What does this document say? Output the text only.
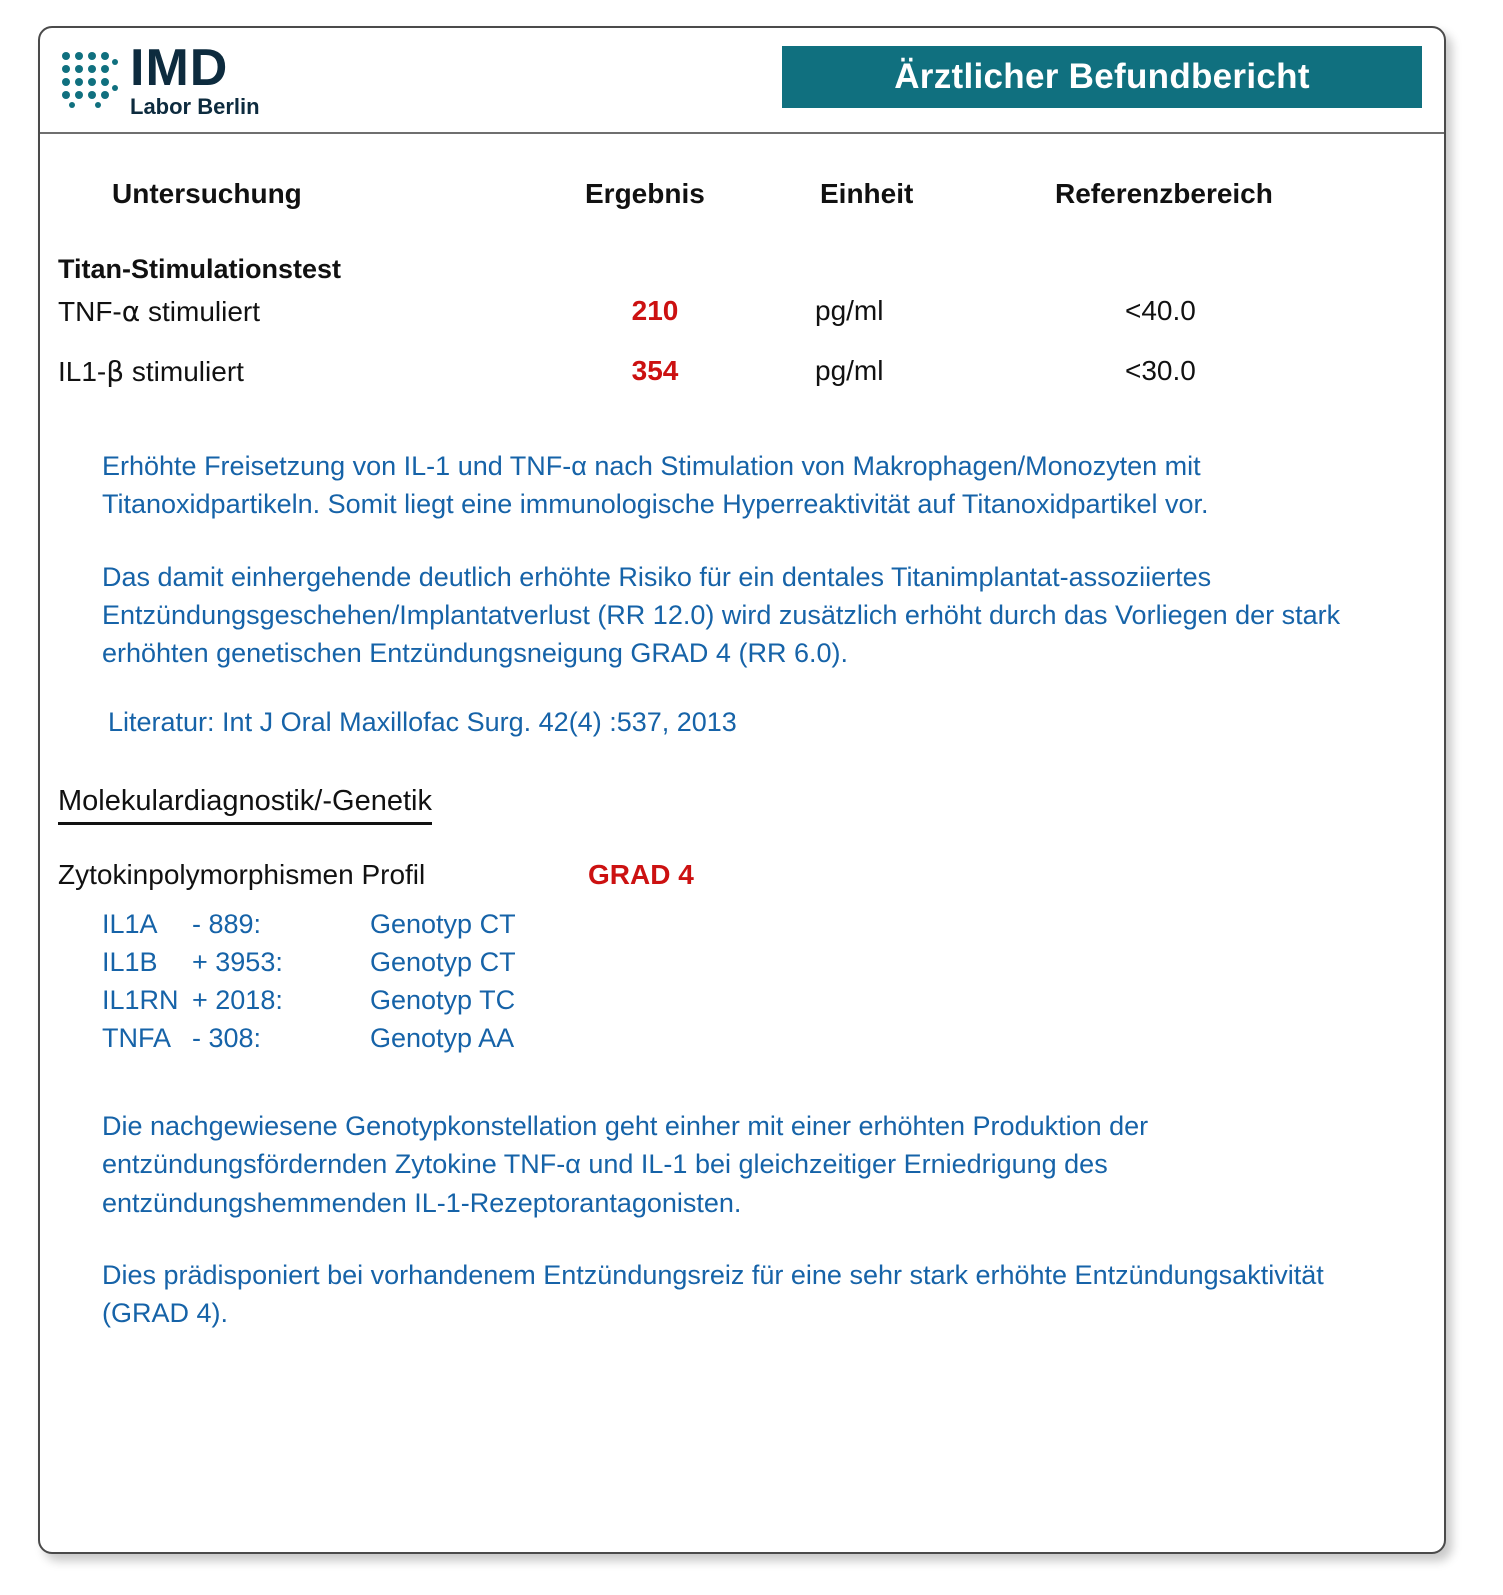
IMD
Labor Berlin
Ärztlicher Befundbericht
Untersuchung	Ergebnis	Einheit	Referenzbereich
Titan-Stimulationstest
TNF-α stimuliert	210	pg/ml	<40.0
IL1-β stimuliert	354	pg/ml	<30.0

Erhöhte Freisetzung von IL-1 und TNF-α nach Stimulation von Makrophagen/Monozyten mit Titanoxidpartikeln. Somit liegt eine immunologische Hyperreaktivität auf Titanoxidpartikel vor.

Das damit einhergehende deutlich erhöhte Risiko für ein dentales Titanimplantat-assoziiertes Entzündungsgeschehen/Implantatverlust (RR 12.0) wird zusätzlich erhöht durch das Vorliegen der stark erhöhten genetischen Entzündungsneigung GRAD 4 (RR 6.0).

Literatur: Int J Oral Maxillofac Surg. 42(4) :537, 2013

Molekulardiagnostik/-Genetik
Zytokinpolymorphismen Profil	GRAD 4
IL1A	- 889:	Genotyp CT
IL1B	+ 3953:	Genotyp CT
IL1RN + 2018:	Genotyp TC
TNFA - 308:	Genotyp AA

Die nachgewiesene Genotypkonstellation geht einher mit einer erhöhten Produktion der entzündungsfördernden Zytokine TNF-α und IL-1 bei gleichzeitiger Erniedrigung des entzündungshemmenden IL-1-Rezeptorantagonisten.

Dies prädisponiert bei vorhandenem Entzündungsreiz für eine sehr stark erhöhte Entzündungsaktivität (GRAD 4).
